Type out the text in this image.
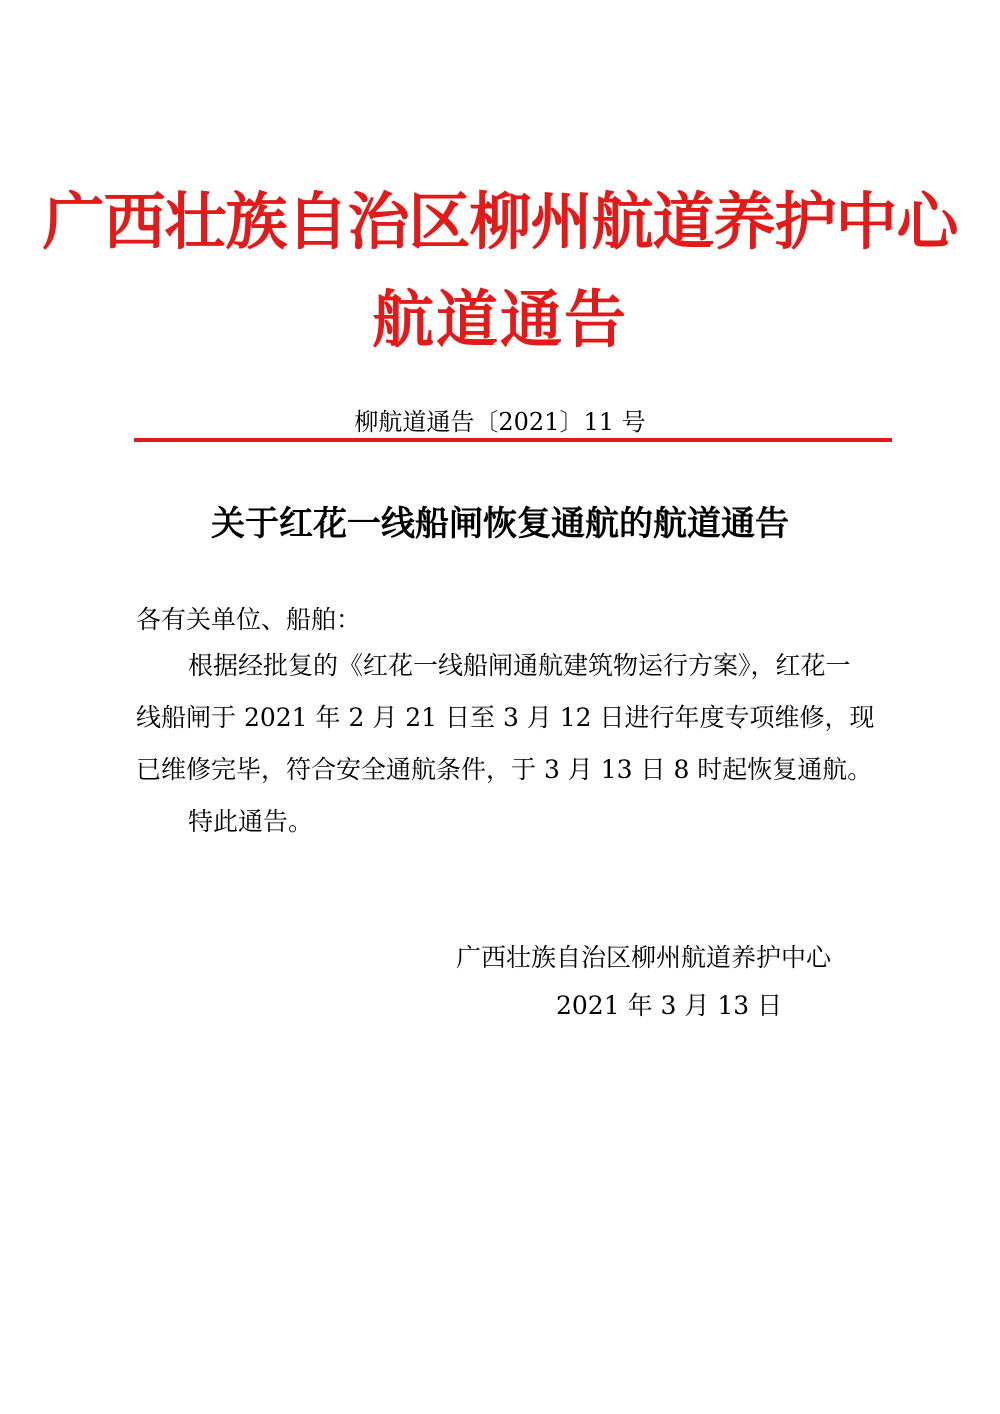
广西壮族自治区柳州航道养护中心
航道通告
柳航道通告〔2021〕11 号
关于红花一线船闸恢复通航的航道通告
各有关单位、船舶：
根据经批复的《红花一线船闸通航建筑物运行方案》，红花一
线船闸于 2021 年 2 月 21 日至 3 月 12 日进行年度专项维修，现
已维修完毕，符合安全通航条件，于 3 月 13 日 8 时起恢复通航。
特此通告。
广西壮族自治区柳州航道养护中心
2021 年 3 月 13 日
